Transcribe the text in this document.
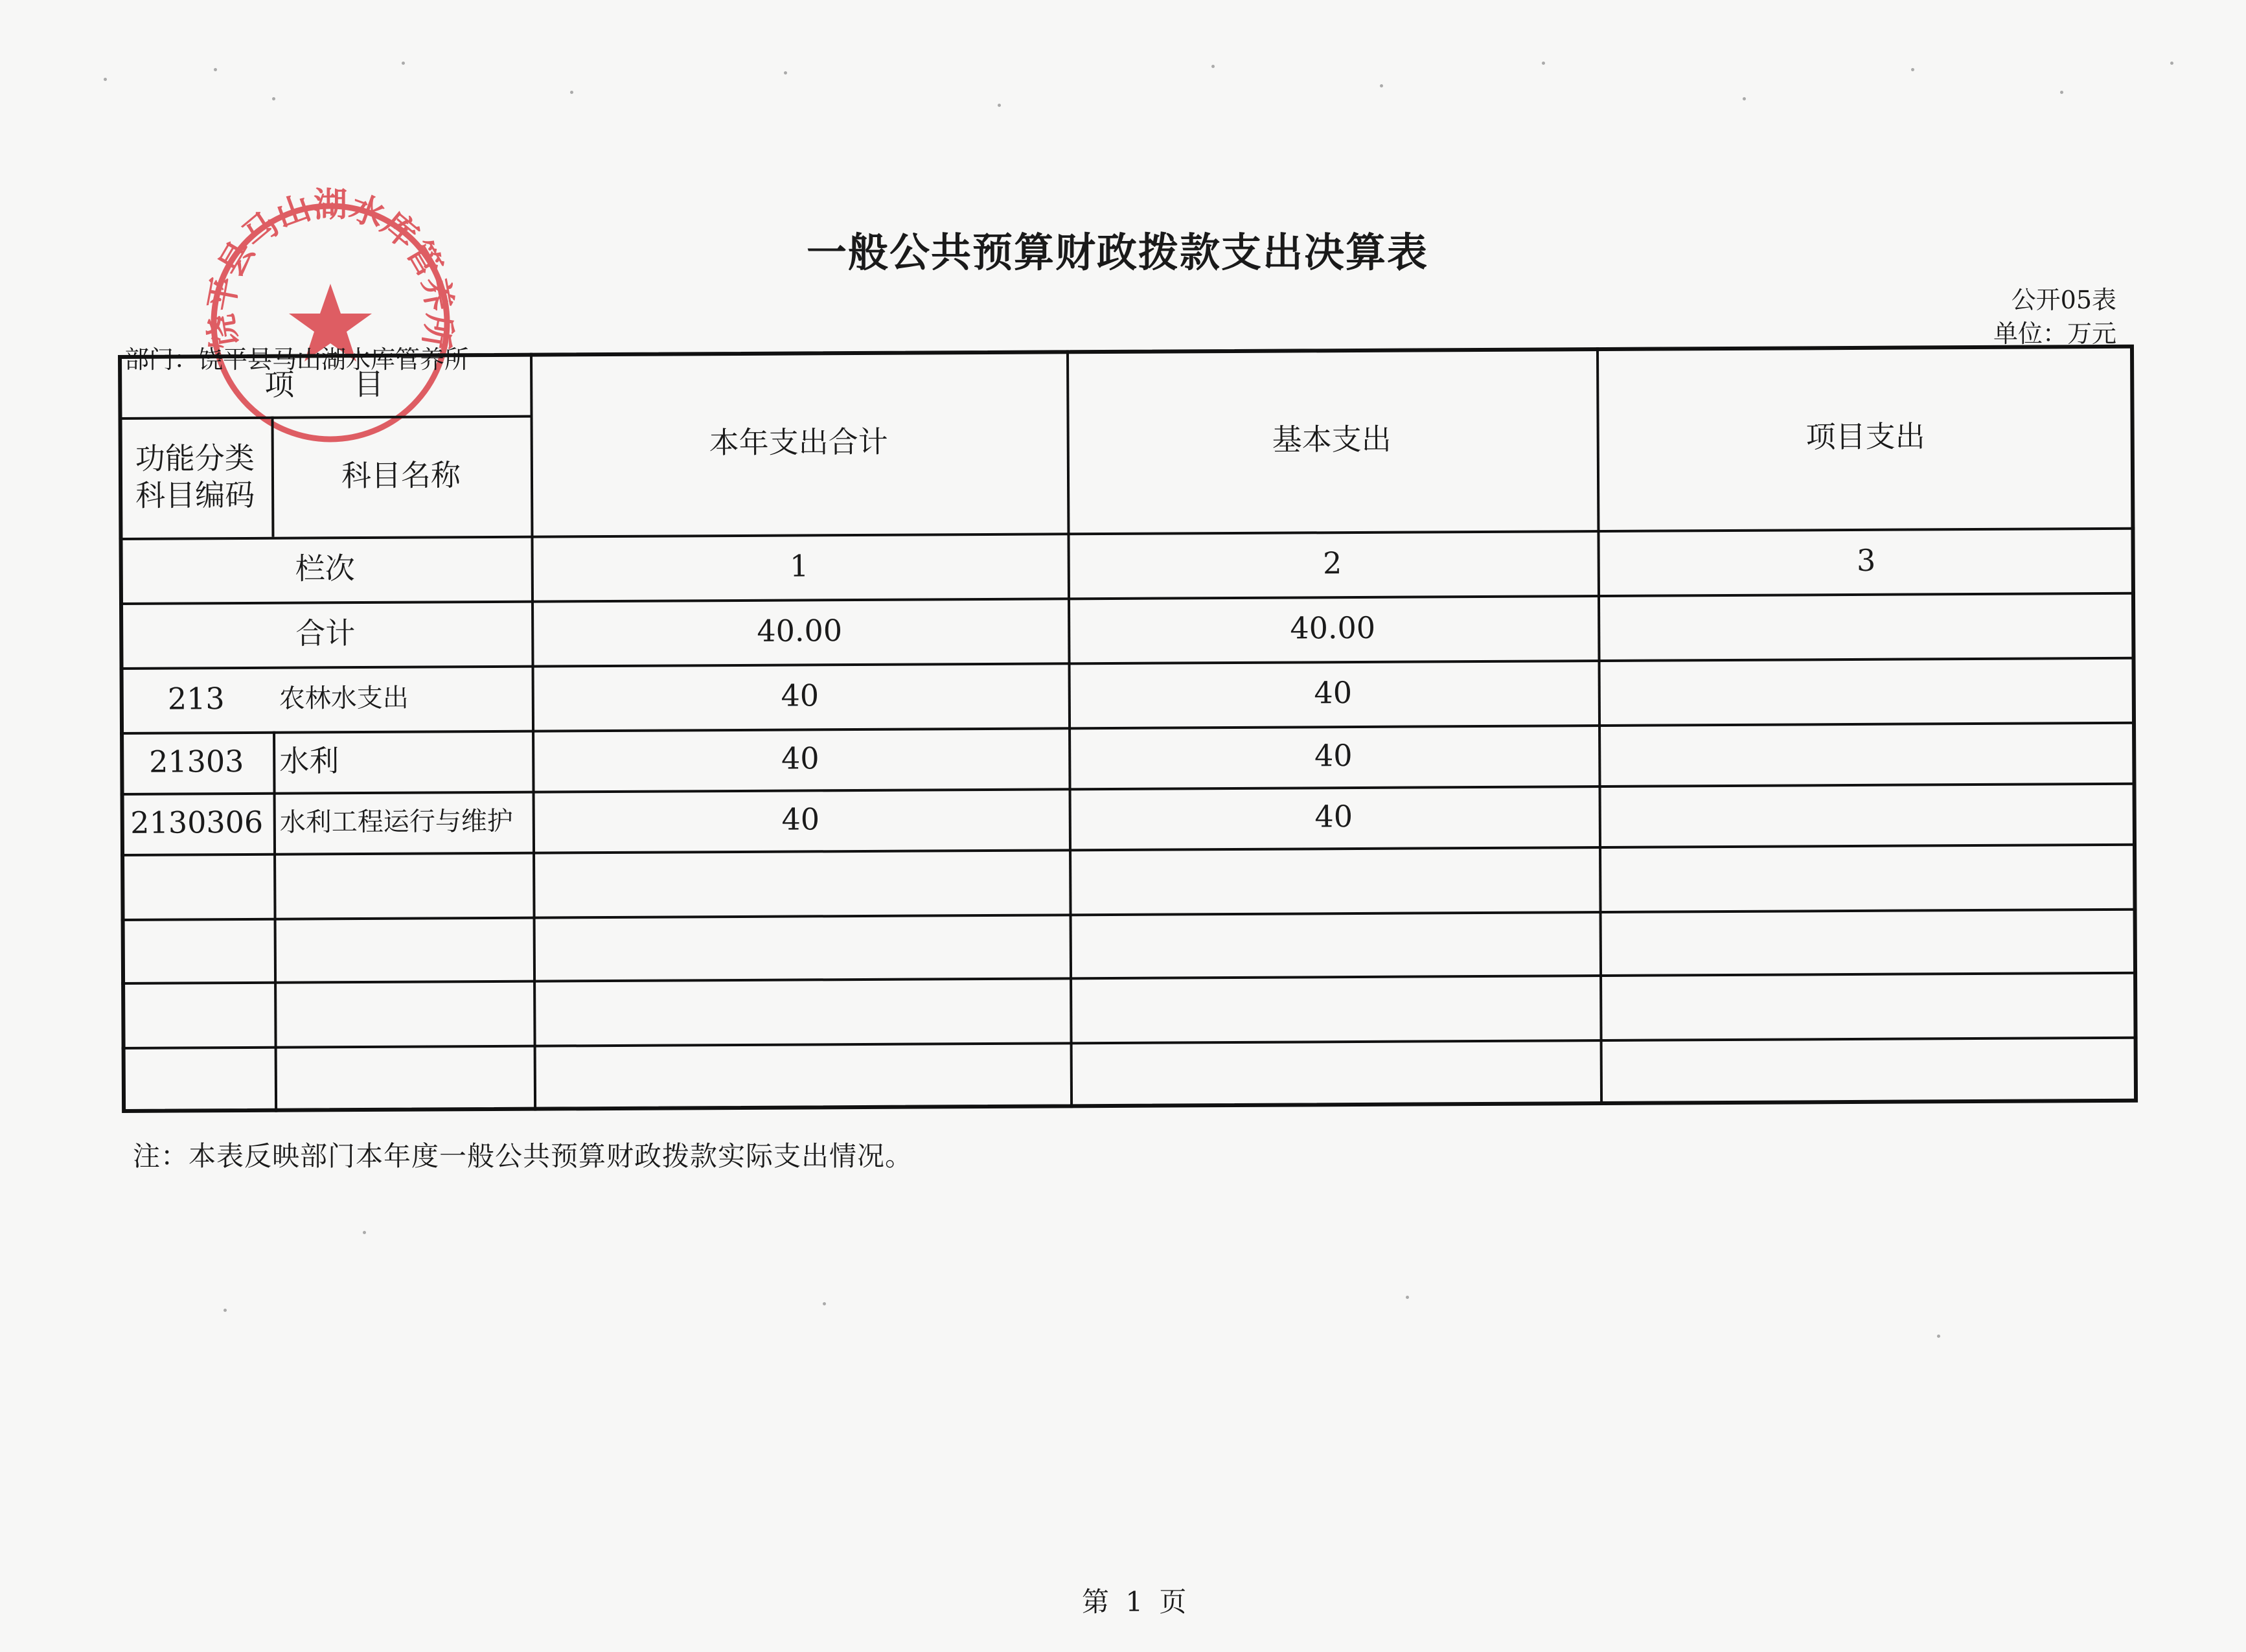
饶平县马山湖水库管养所
一般公共预算财政拨款支出决算表
公开05表
单位：万元
部门：饶平县马山湖水库管养所
项　　目
功能分类
科目编码
科目名称
本年支出合计	基本支出	项目支出
栏次	1	2	3
合计	40.00	40.00
213	农林水支出	40	40
21303	水利	40	40
2130306 水利工程运行与维护	40	40
注：本表反映部门本年度一般公共预算财政拨款实际支出情况。
第 1 页
